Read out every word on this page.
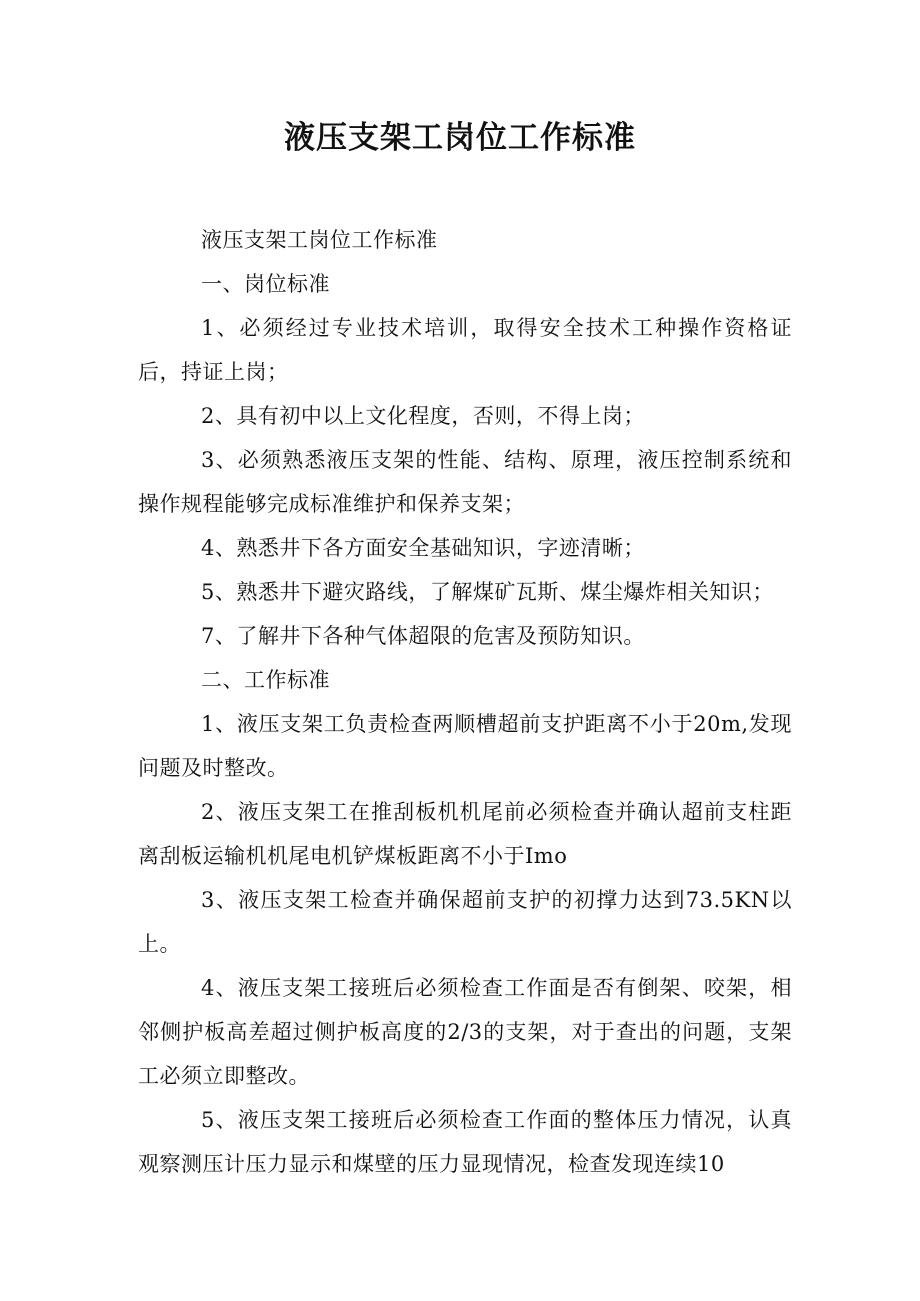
液压支架工岗位工作标准

液压支架工岗位工作标准

一、岗位标准

1、必须经过专业技术培训，取得安全技术工种操作资格证后，持证上岗；

2、具有初中以上文化程度，否则，不得上岗；

3、必须熟悉液压支架的性能、结构、原理，液压控制系统和操作规程能够完成标准维护和保养支架；

4、熟悉井下各方面安全基础知识，字迹清晰；

5、熟悉井下避灾路线，了解煤矿瓦斯、煤尘爆炸相关知识；

7、了解井下各种气体超限的危害及预防知识。

二、工作标准

1、液压支架工负责检查两顺槽超前支护距离不小于20m,发现问题及时整改。

2、液压支架工在推刮板机机尾前必须检查并确认超前支柱距离刮板运输机机尾电机铲煤板距离不小于Imo

3、液压支架工检查并确保超前支护的初撑力达到73.5KN以上。

4、液压支架工接班后必须检查工作面是否有倒架、咬架，相邻侧护板高差超过侧护板高度的2/3的支架，对于查出的问题，支架工必须立即整改。

5、液压支架工接班后必须检查工作面的整体压力情况，认真观察测压计压力显示和煤壁的压力显现情况，检查发现连续10
